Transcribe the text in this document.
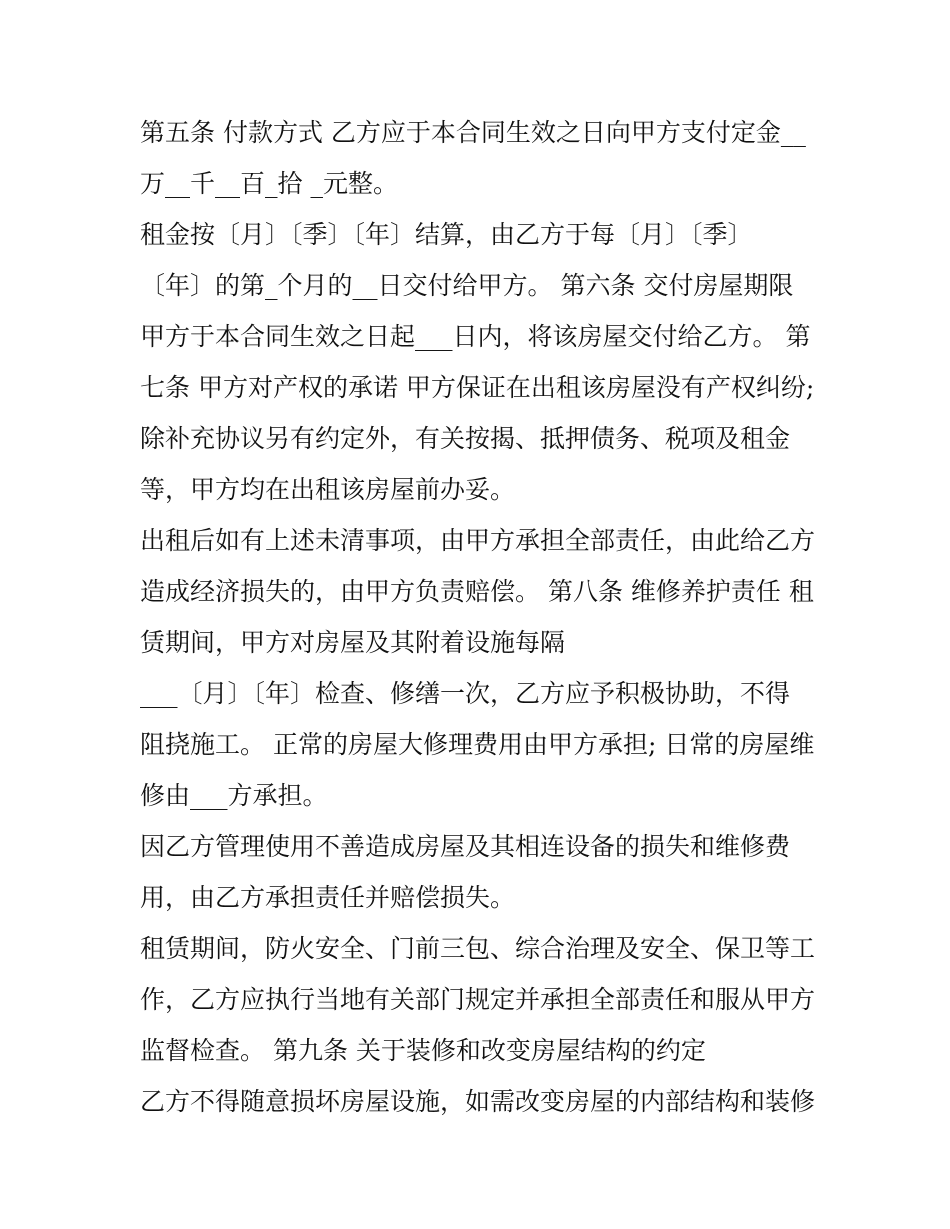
第五条 付款方式 乙方应于本合同生效之日向甲方支付定金__
万__千__百_拾 _元整。
租金按〔月〕〔季〕〔年〕结算，由乙方于每〔月〕〔季〕
〔年〕的第_个月的__日交付给甲方。 第六条 交付房屋期限
甲方于本合同生效之日起___日内，将该房屋交付给乙方。 第
七条 甲方对产权的承诺 甲方保证在出租该房屋没有产权纠纷;
除补充协议另有约定外，有关按揭、抵押债务、税项及租金
等，甲方均在出租该房屋前办妥。
出租后如有上述未清事项，由甲方承担全部责任，由此给乙方
造成经济损失的，由甲方负责赔偿。 第八条 维修养护责任 租
赁期间，甲方对房屋及其附着设施每隔
___〔月〕〔年〕检查、修缮一次，乙方应予积极协助，不得
阻挠施工。 正常的房屋大修理费用由甲方承担; 日常的房屋维
修由___方承担。
因乙方管理使用不善造成房屋及其相连设备的损失和维修费
用，由乙方承担责任并赔偿损失。
租赁期间，防火安全、门前三包、综合治理及安全、保卫等工
作，乙方应执行当地有关部门规定并承担全部责任和服从甲方
监督检查。 第九条 关于装修和改变房屋结构的约定
乙方不得随意损坏房屋设施，如需改变房屋的内部结构和装修
